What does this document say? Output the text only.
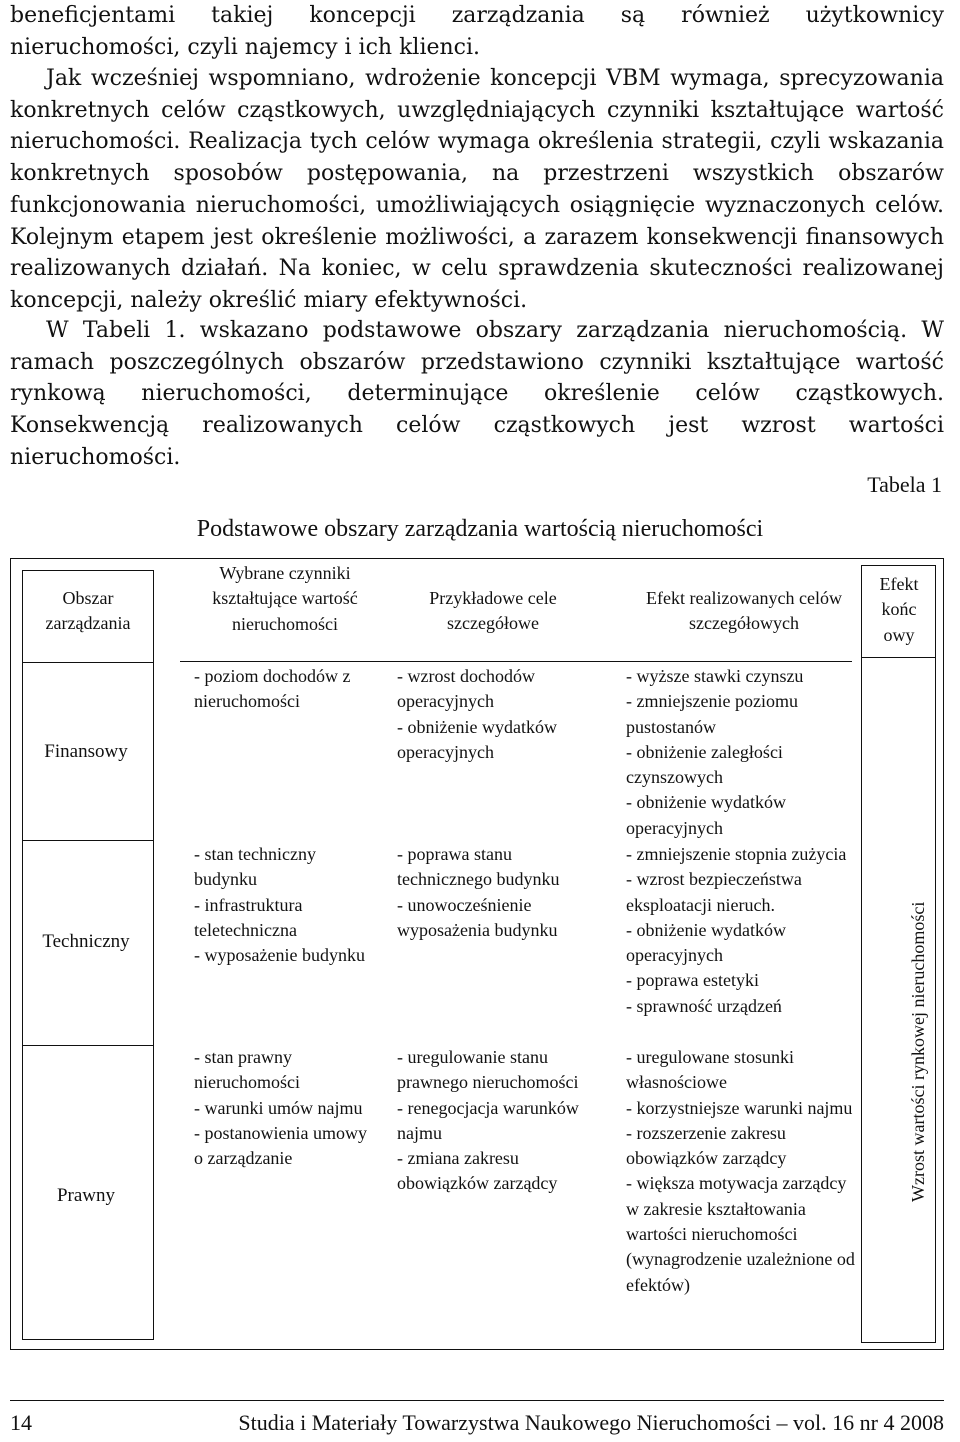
beneficjentami takiej koncepcji zarządzania są również użytkownicy nieruchomości, czyli najemcy i ich klienci.
Jak wcześniej wspomniano, wdrożenie koncepcji VBM wymaga, sprecyzowania konkretnych celów cząstkowych, uwzględniających czynniki kształtujące wartość nieruchomości. Realizacja tych celów wymaga określenia strategii, czyli wskazania konkretnych sposobów postępowania, na przestrzeni wszystkich obszarów funkcjonowania nieruchomości, umożliwiających osiągnięcie wyznaczonych celów. Kolejnym etapem jest określenie możliwości, a zarazem konsekwencji finansowych realizowanych działań. Na koniec, w celu sprawdzenia skuteczności realizowanej koncepcji, należy określić miary efektywności.
W Tabeli 1. wskazano podstawowe obszary zarządzania nieruchomością. W ramach poszczególnych obszarów przedstawiono czynniki kształtujące wartość rynkową nieruchomości, determinujące określenie celów cząstkowych. Konsekwencją realizowanych celów cząstkowych jest wzrost wartości nieruchomości.
Tabela 1
Podstawowe obszary zarządzania wartością nieruchomości
Obszar zarządzania
Wybrane czynniki kształtujące wartość nieruchomości
Przykładowe cele szczegółowe
Efekt realizowanych celów szczegółowych
Efekt końc owy
Finansowy
Techniczny
Prawny
- poziom dochodów z nieruchomości
- wzrost dochodów operacyjnych
- obniżenie wydatków operacyjnych
- wyższe stawki czynszu
- zmniejszenie poziomu pustostanów
- obniżenie zaległości czynszowych
- obniżenie wydatków operacyjnych
- stan techniczny budynku
- infrastruktura teletechniczna
- wyposażenie budynku
- poprawa stanu technicznego budynku
- unowocześnienie wyposażenia budynku
- zmniejszenie stopnia zużycia
- wzrost bezpieczeństwa eksploatacji nieruch.
- obniżenie wydatków operacyjnych
- poprawa estetyki
- sprawność urządzeń
- stan prawny nieruchomości
- warunki umów najmu
- postanowienia umowy o zarządzanie
- uregulowanie stanu prawnego nieruchomości
- renegocjacja warunków najmu
- zmiana zakresu obowiązków zarządcy
- uregulowane stosunki własnościowe
- korzystniejsze warunki najmu
- rozszerzenie zakresu obowiązków zarządcy
- większa motywacja zarządcy w zakresie kształtowania wartości nieruchomości (wynagrodzenie uzależnione od efektów)
Wzrost wartości rynkowej nieruchomości
14	Studia i Materiały Towarzystwa Naukowego Nieruchomości – vol. 16 nr 4 2008
